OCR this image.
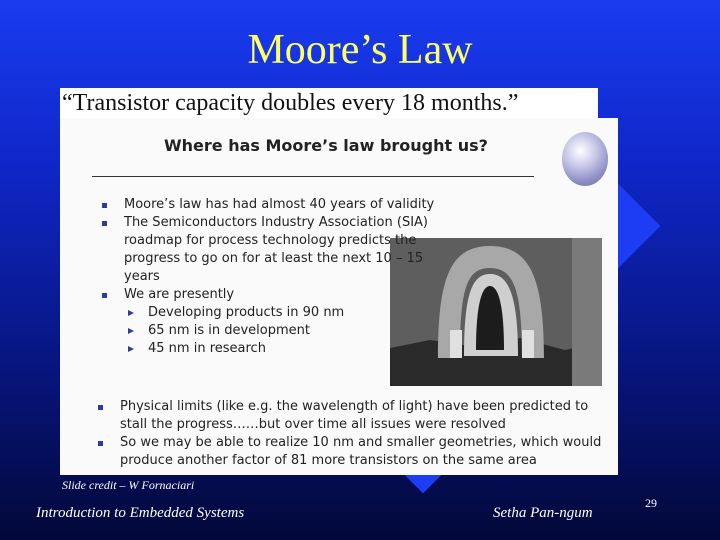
Moore’s Law
“Transistor capacity doubles every 18 months.”
Where has Moore’s law brought us?
Moore’s law has had almost 40 years of validity
The Semiconductors Industry Association (SIA) roadmap for process technology predicts the progress to go on for at least the next 10 – 15 years
We are presently
Developing products in 90 nm
65 nm is in development
45 nm in research
Physical limits (like e.g. the wavelength of light) have been predicted to stall the progress……but over time all issues were resolved
So we may be able to realize 10 nm and smaller geometries, which would produce another factor of 81 more transistors on the same area
Slide credit – W Fornaciari
Introduction to Embedded Systems	Setha Pan-ngum
29
